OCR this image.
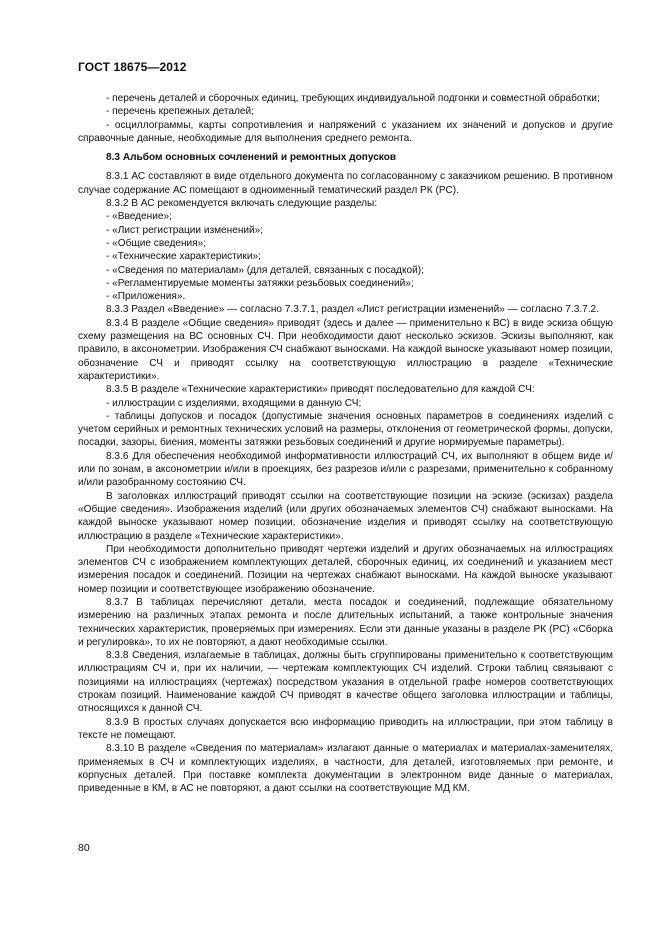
ГОСТ 18675—2012

- перечень деталей и сборочных единиц, требующих индивидуальной подгонки и совместной обработки;

- перечень крепежных деталей;

- осциллограммы, карты сопротивления и напряжений с указанием их значений и допусков и другие справочные данные, необходимые для выполнения среднего ремонта.

8.3 Альбом основных сочленений и ремонтных допусков

8.3.1 АС составляют в виде отдельного документа по согласованному с заказчиком решению. В противном случае содержание АС помещают в одноименный тематический раздел РК (РС).

8.3.2 В АС рекомендуется включать следующие разделы:

- «Введение»;

- «Лист регистрации изменений»;

- «Общие сведения»;

- «Технические характеристики»;

- «Сведения по материалам» (для деталей, связанных с посадкой);

- «Регламентируемые моменты затяжки резьбовых соединений»;

- «Приложения».

8.3.3 Раздел «Введение» — согласно 7.3.7.1, раздел «Лист регистрации изменений» — согласно 7.3.7.2.

8.3.4 В разделе «Общие сведения» приводят (здесь и далее — применительно к ВС) в виде эскиза общую схему размещения на ВС основных СЧ. При необходимости дают несколько эскизов. Эскизы выполняют, как правило, в аксонометрии. Изображения СЧ снабжают выносками. На каждой выноске указывают номер позиции, обозначение СЧ и приводят ссылку на соответствующую иллюстрацию в разделе «Технические характеристики».

8.3.5 В разделе «Технические характеристики» приводят последовательно для каждой СЧ:

- иллюстрации с изделиями, входящими в данную СЧ;

- таблицы допусков и посадок (допустимые значения основных параметров в соединениях изделий с учетом серийных и ремонтных технических условий на размеры, отклонения от геометрической формы, допуски, посадки, зазоры, биения, моменты затяжки резьбовых соединений и другие нормируемые параметры).

8.3.6 Для обеспечения необходимой информативности иллюстраций СЧ, их выполняют в общем виде и/или по зонам, в аксонометрии и/или в проекциях, без разрезов и/или с разрезами, применительно к собранному и/или разобранному состоянию СЧ.

В заголовках иллюстраций приводят ссылки на соответствующие позиции на эскизе (эскизах) раздела «Общие сведения». Изображения изделий (или других обозначаемых элементов СЧ) снабжают выносками. На каждой выноске указывают номер позиции, обозначение изделия и приводят ссылку на соответствующую иллюстрацию в разделе «Технические характеристики».

При необходимости дополнительно приводят чертежи изделий и других обозначаемых на иллюстрациях элементов СЧ с изображением комплектующих деталей, сборочных единиц, их соединений и указанием мест измерения посадок и соединений. Позиции на чертежах снабжают выносками. На каждой выноске указывают номер позиции и соответствующее изображению обозначение.

8.3.7 В таблицах перечисляют детали, места посадок и соединений, подлежащие обязательному измерению на различных этапах ремонта и после длительных испытаний, а также контрольные значения технических характеристик, проверяемых при измерениях. Если эти данные указаны в разделе РК (РС) «Сборка и регулировка», то их не повторяют, а дают необходимые ссылки.

8.3.8 Сведения, излагаемые в таблицах, должны быть сгруппированы применительно к соответствующим иллюстрациям СЧ и, при их наличии, — чертежам комплектующих СЧ изделий. Строки таблиц связывают с позициями на иллюстрациях (чертежах) посредством указания в отдельной графе номеров соответствующих строкам позиций. Наименование каждой СЧ приводят в качестве общего заголовка иллюстрации и таблицы, относящихся к данной СЧ.

8.3.9 В простых случаях допускается всю информацию приводить на иллюстрации, при этом таблицу в тексте не помещают.

8.3.10 В разделе «Сведения по материалам» излагают данные о материалах и материалах-заменителях, применяемых в СЧ и комплектующих изделиях, в частности, для деталей, изготовляемых при ремонте, и корпусных деталей. При поставке комплекта документации в электронном виде данные о материалах, приведенные в КМ, в АС не повторяют, а дают ссылки на соответствующие МД КМ.

80
